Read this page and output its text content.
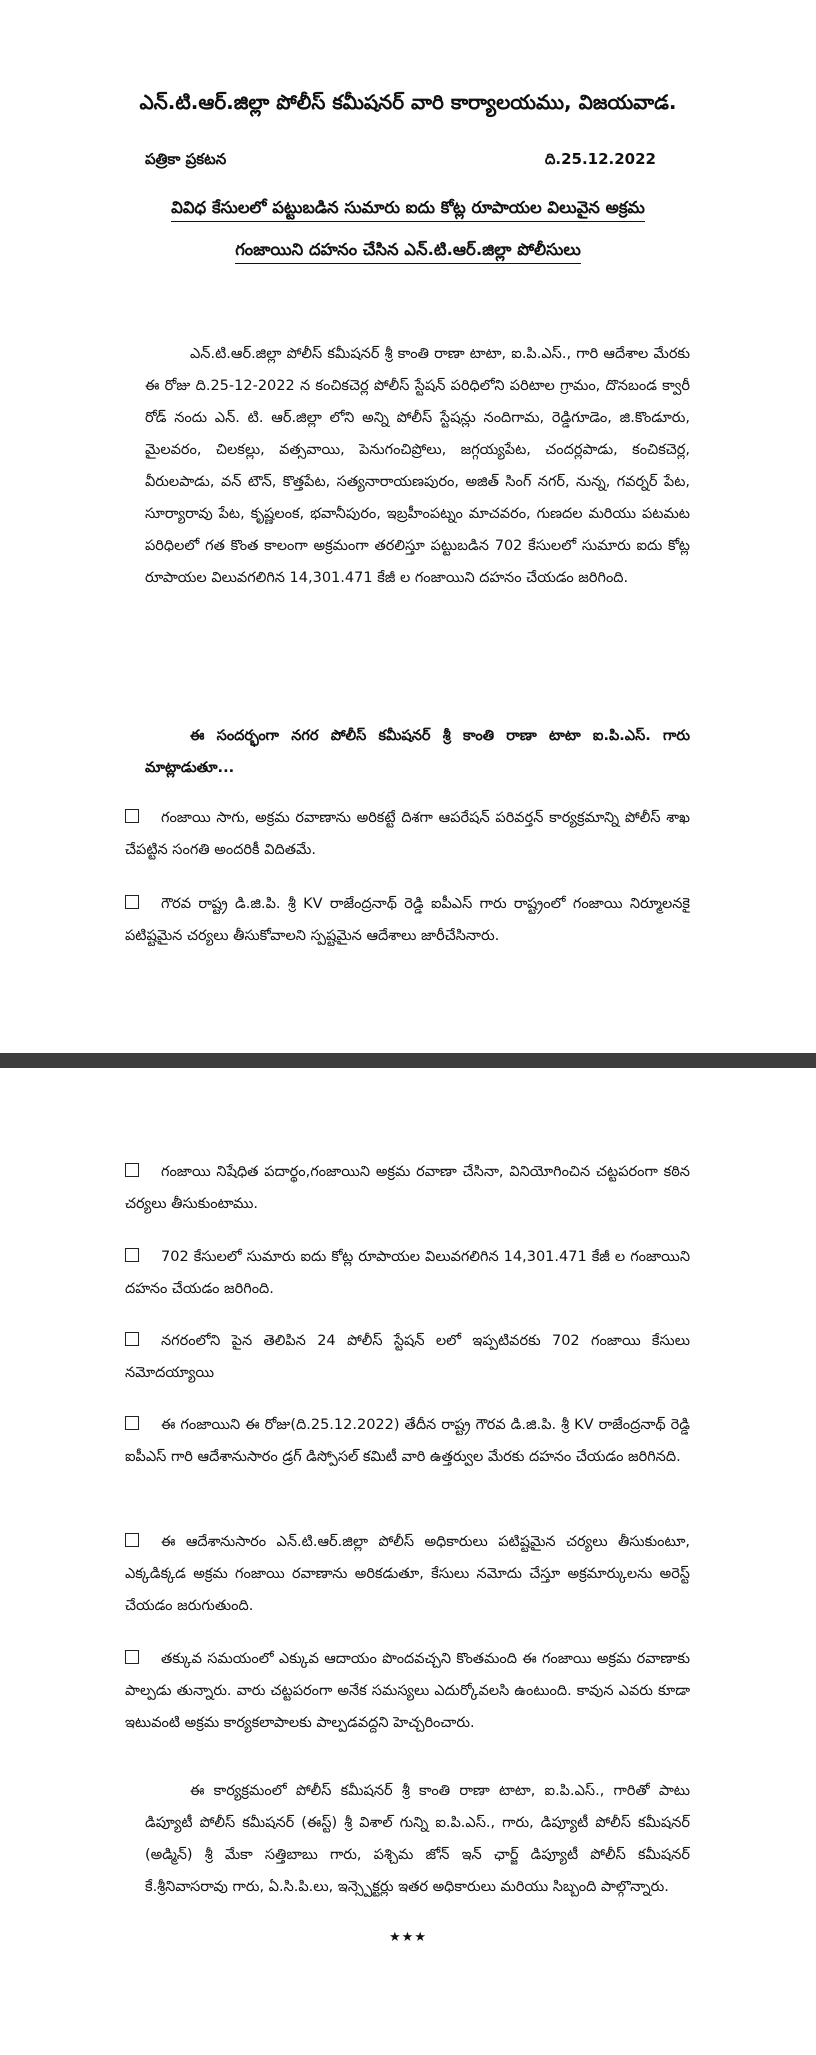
ఎన్.టి.ఆర్.జిల్లా పోలీస్ కమీషనర్ వారి కార్యాలయము, విజయవాడ.
పత్రికా ప్రకటన	ది.25.12.2022
వివిధ కేసులలో పట్టుబడిన సుమారు ఐదు కోట్ల రూపాయల విలువైన అక్రమ
గంజాయిని దహనం చేసిన ఎన్.టి.ఆర్.జిల్లా పోలీసులు
ఎన్.టి.ఆర్.జిల్లా పోలీస్ కమీషనర్ శ్రీ కాంతి రాణా టాటా, ఐ.పి.ఎస్., గారి ఆదేశాల మేరకు ఈ రోజు ది.25-12-2022 న కంచికచెర్ల పోలీస్ స్టేషన్ పరిధిలోని పరిటాల గ్రామం, దొనబండ క్వారీ రోడ్ నందు ఎన్. టి. ఆర్.జిల్లా లోని అన్ని పోలీస్ స్టేషన్లు నందిగామ, రెడ్డిగూడెం, జి.కొండూరు, మైలవరం, చిలకల్లు, వత్సవాయి, పెనుగంచిప్రోలు, జగ్గయ్యపేట, చందర్లపాడు, కంచికచెర్ల, వీరులపాడు, వన్ టౌన్, కొత్తపేట, సత్యనారాయణపురం, అజిత్ సింగ్ నగర్, నున్న, గవర్నర్ పేట, సూర్యారావు పేట, కృష్ణలంక, భవానీపురం, ఇబ్రహీంపట్నం మాచవరం, గుణదల మరియు పటమట పరిధిలలో గత కొంత కాలంగా అక్రమంగా తరలిస్తూ పట్టుబడిన 702 కేసులలో సుమారు ఐదు కోట్ల రూపాయల విలువగలిగిన 14,301.471 కేజీ ల గంజాయిని దహనం చేయడం జరిగింది.
ఈ సందర్భంగా నగర పోలీస్ కమీషనర్ శ్రీ కాంతి రాణా టాటా ఐ.పి.ఎస్. గారు మాట్లాడుతూ...
గంజాయి సాగు, అక్రమ రవాణాను అరికట్టే దిశగా ఆపరేషన్ పరివర్తన్ కార్యక్రమాన్ని పోలీస్ శాఖ చేపట్టిన సంగతి అందరికీ విదితమే.
గౌరవ రాష్ట్ర డి.జి.పి. శ్రీ KV రాజేంద్రనాథ్ రెడ్డి ఐపీఎస్ గారు రాష్ట్రంలో గంజాయి నిర్మూలనకై పటిష్టమైన చర్యలు తీసుకోవాలని స్పష్టమైన ఆదేశాలు జారీచేసినారు.
గంజాయి నిషేధిత పదార్థం,గంజాయిని అక్రమ రవాణా చేసినా, వినియోగించిన చట్టపరంగా కఠిన చర్యలు తీసుకుంటాము.
702 కేసులలో సుమారు ఐదు కోట్ల రూపాయల విలువగలిగిన 14,301.471 కేజీ ల గంజాయిని దహనం చేయడం జరిగింది.
నగరంలోని పైన తెలిపిన 24 పోలీస్ స్టేషన్ లలో ఇప్పటివరకు 702 గంజాయి కేసులు నమోదయ్యాయి
ఈ గంజాయిని ఈ రోజు(ది.25.12.2022) తేదీన రాష్ట్ర గౌరవ డి.జి.పి. శ్రీ KV రాజేంద్రనాథ్ రెడ్డి ఐపీఎస్ గారి ఆదేశానుసారం డ్రగ్ డిస్పోసల్ కమిటీ వారి ఉత్తర్వుల మేరకు దహనం చేయడం జరిగినది.
ఈ ఆదేశానుసారం ఎన్.టి.ఆర్.జిల్లా పోలీస్ అధికారులు పటిష్టమైన చర్యలు తీసుకుంటూ, ఎక్కడిక్కడ అక్రమ గంజాయి రవాణాను అరికడుతూ, కేసులు నమోదు చేస్తూ అక్రమార్కులను అరెస్ట్ చేయడం జరుగుతుంది.
తక్కువ సమయంలో ఎక్కువ ఆదాయం పొందవచ్చని కొంతమంది ఈ గంజాయి అక్రమ రవాణాకు పాల్పడు తున్నారు. వారు చట్టపరంగా అనేక సమస్యలు ఎదుర్కోవలసి ఉంటుంది. కావున ఎవరు కూడా ఇటువంటి అక్రమ కార్యకలాపాలకు పాల్పడవద్దని హెచ్చరించారు.
ఈ కార్యక్రమంలో పోలీస్ కమీషనర్ శ్రీ కాంతి రాణా టాటా, ఐ.పి.ఎస్., గారితో పాటు డిప్యూటీ పోలీస్ కమీషనర్ (ఈస్ట్) శ్రీ విశాల్ గున్ని ఐ.పి.ఎస్., గారు, డిప్యూటీ పోలీస్ కమీషనర్ (అడ్మిన్) శ్రీ మేకా సత్తిబాబు గారు, పశ్చిమ జోన్ ఇన్ ఛార్జ్ డిప్యూటీ పోలీస్ కమీషనర్ కే.శ్రీనివాసరావు గారు, ఏ.సి.పి.లు, ఇన్స్పెక్టర్లు ఇతర అధికారులు మరియు సిబ్బంది పాల్గొన్నారు.
★★★
